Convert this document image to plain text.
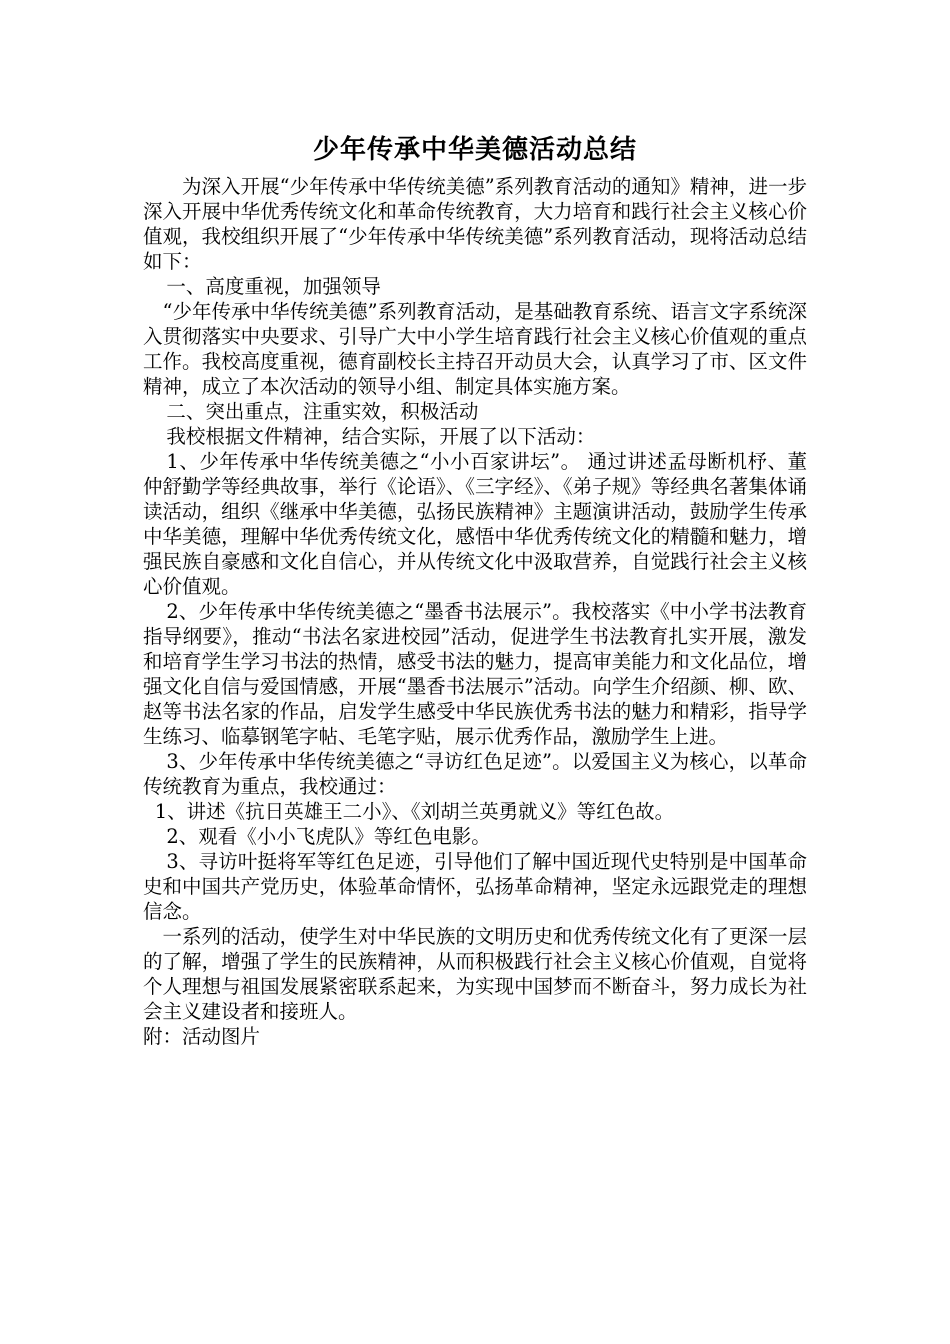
少年传承中华美德活动总结

为深入开展“少年传承中华传统美德”系列教育活动的通知》精神，进一步深入开展中华优秀传统文化和革命传统教育，大力培育和践行社会主义核心价值观，我校组织开展了“少年传承中华传统美德”系列教育活动，现将活动总结如下：

一、高度重视，加强领导

“少年传承中华传统美德”系列教育活动，是基础教育系统、语言文字系统深入贯彻落实中央要求、引导广大中小学生培育践行社会主义核心价值观的重点工作。我校高度重视，德育副校长主持召开动员大会，认真学习了市、区文件精神，成立了本次活动的领导小组、制定具体实施方案。

二、突出重点，注重实效，积极活动

我校根据文件精神，结合实际，开展了以下活动：

1、少年传承中华传统美德之“小小百家讲坛”。 通过讲述孟母断机杼、董仲舒勤学等经典故事，举行《论语》、《三字经》、《弟子规》等经典名著集体诵读活动，组织《继承中华美德，弘扬民族精神》主题演讲活动，鼓励学生传承中华美德，理解中华优秀传统文化，感悟中华优秀传统文化的精髓和魅力，增强民族自豪感和文化自信心，并从传统文化中汲取营养，自觉践行社会主义核心价值观。

2、少年传承中华传统美德之“墨香书法展示”。我校落实《中小学书法教育指导纲要》，推动“书法名家进校园”活动，促进学生书法教育扎实开展，激发和培育学生学习书法的热情，感受书法的魅力，提高审美能力和文化品位，增强文化自信与爱国情感，开展“墨香书法展示”活动。向学生介绍颜、柳、欧、赵等书法名家的作品，启发学生感受中华民族优秀书法的魅力和精彩，指导学生练习、临摹钢笔字帖、毛笔字贴，展示优秀作品，激励学生上进。

3、少年传承中华传统美德之“寻访红色足迹”。以爱国主义为核心，以革命传统教育为重点，我校通过：

1、讲述《抗日英雄王二小》、《刘胡兰英勇就义》等红色故。

2、观看《小小飞虎队》等红色电影。

3、寻访叶挺将军等红色足迹，引导他们了解中国近现代史特别是中国革命史和中国共产党历史，体验革命情怀，弘扬革命精神，坚定永远跟党走的理想信念。

一系列的活动，使学生对中华民族的文明历史和优秀传统文化有了更深一层的了解，增强了学生的民族精神，从而积极践行社会主义核心价值观，自觉将个人理想与祖国发展紧密联系起来，为实现中国梦而不断奋斗，努力成长为社会主义建设者和接班人。

附：活动图片
